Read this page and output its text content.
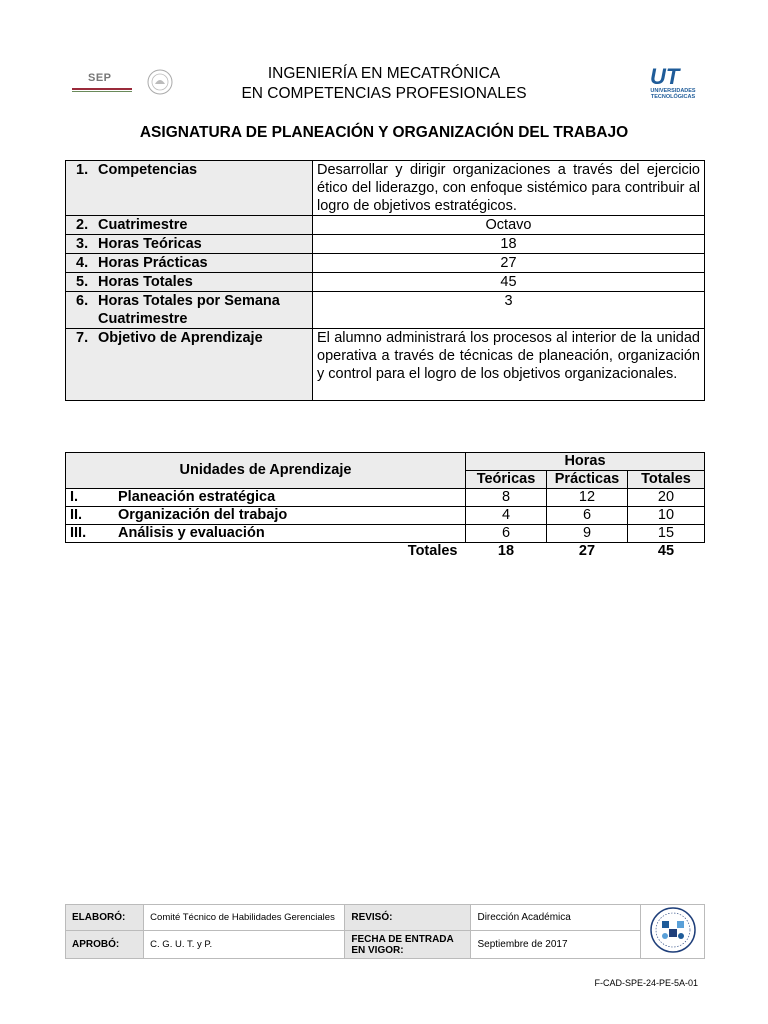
SEP	INGENIERÍA EN MECATRÓNICA
EN COMPETENCIAS PROFESIONALES
UT
UNIVERSIDADES
TECNOLÓGICAS
ASIGNATURA DE PLANEACIÓN Y ORGANIZACIÓN DEL TRABAJO
1. Competencias	Desarrollar y dirigir organizaciones a través del ejercicio ético del liderazgo, con enfoque sistémico para contribuir al logro de objetivos estratégicos.
2. Cuatrimestre	Octavo
3. Horas Teóricas	18
4. Horas Prácticas	27
5. Horas Totales	45
6. Horas Totales por Semana Cuatrimestre	3
7. Objetivo de Aprendizaje	El alumno administrará los procesos al interior de la unidad operativa a través de técnicas de planeación, organización y control para el logro de los objetivos organizacionales.
Unidades de Aprendizaje		Horas		
		Teóricas	Prácticas	Totales
I.	Planeación estratégica	8	12	20
II.	Organización del trabajo	4	6	10
III.	Análisis y evaluación	6	9	15
	Totales	18	27	45
ELABORÓ:	Comité Técnico de Habilidades Gerenciales	REVISÓ:	Dirección Académica	
APROBÓ:	C. G. U. T. y P.	FECHA DE ENTRADA EN VIGOR:	Septiembre de 2017	
F-CAD-SPE-24-PE-5A-01
